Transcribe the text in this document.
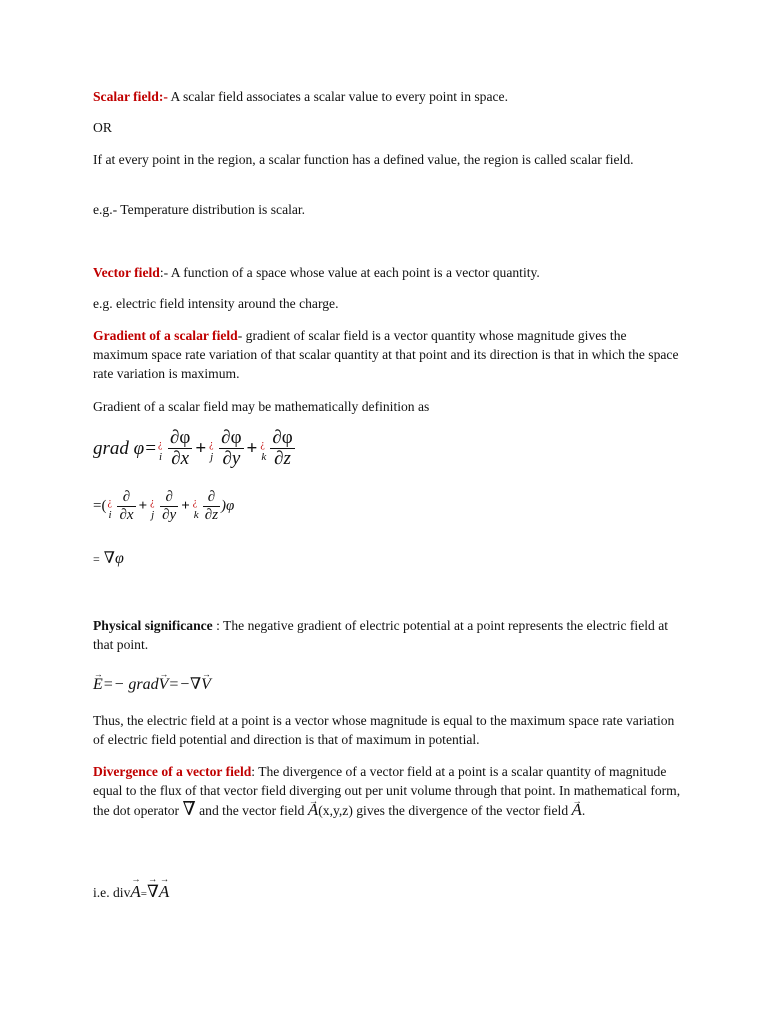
Scalar field:- A scalar field associates a scalar value to every point in space.

OR

If at every point in the region, a scalar function has a defined value, the region is called scalar field.

e.g.- Temperature distribution is scalar.

Vector field:- A function of a space whose value at each point is a vector quantity.

e.g. electric field intensity around the charge.

Gradient of a scalar field- gradient of scalar field is a vector quantity whose magnitude gives the maximum space rate variation of that scalar quantity at that point and its direction is that in which the space rate variation is maximum.

Gradient of a scalar field may be mathematically definition as

grad φ= ¿
i $\frac{\partial\varphi}{\partial x}$ + ¿
j $\frac{\partial\varphi}{\partial y}$ + ¿
k $\frac{\partial\varphi}{\partial z}$
=( ¿
i $\frac{\partial}{\partial x}$ + ¿
j $\frac{\partial}{\partial y}$ + ¿
k $\frac{\partial}{\partial z} )\varphi$
= ∇φ

Physical significance : The negative gradient of electric potential at a point represents the electric field at that point.

→ E=− grad→ V=−∇→ V

Thus, the electric field at a point is a vector whose magnitude is equal to the maximum space rate variation of electric field potential and direction is that of maximum in potential.

Divergence of a vector field: The divergence of a vector field at a point is a scalar quantity of magnitude equal to the flux of that vector field diverging out per unit volume through that point. In mathematical form, the dot operator → ∇ and the vector field → A(x,y,z) gives the divergence of the vector field → A.

i.e. div→ A=→ ∇→ A
